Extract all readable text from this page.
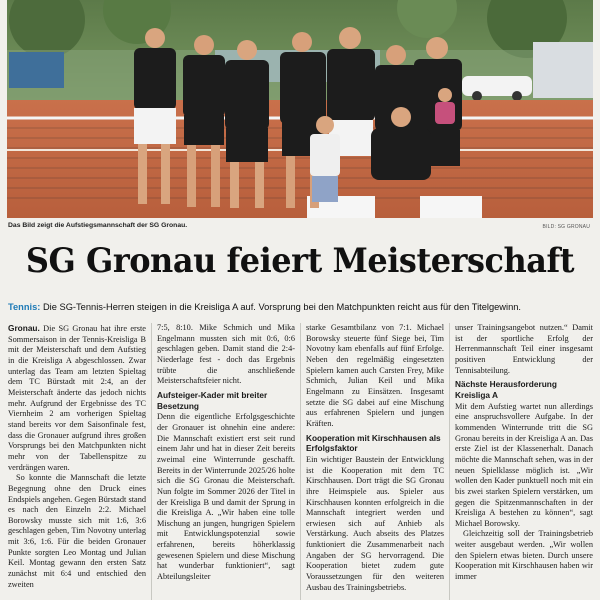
Das Bild zeigt die Aufstiegsmannschaft der SG Gronau.	BILD: SG GRONAU
SG Gronau feiert Meisterschaft
Tennis: Die SG-Tennis-Herren steigen in die Kreisliga A auf. Vorsprung bei den Matchpunkten reicht aus für den Titelgewinn.

Gronau. Die SG Gronau hat ihre erste Sommersaison in der Tennis-Kreisliga B mit der Meisterschaft und dem Aufstieg in die Kreisliga A abgeschlossen. Zwar unterlag das Team am letzten Spieltag dem TC Bürstadt mit 2:4, an der Meisterschaft änderte das jedoch nichts mehr. Aufgrund der Ergebnisse des TC Viernheim 2 am vorherigen Spieltag stand bereits vor dem Saisonfinale fest, dass die Gronauer aufgrund ihres großen Vorsprungs bei den Matchpunkten nicht mehr von der Tabellenspitze zu verdrängen waren.

So konnte die Mannschaft die letzte Begegnung ohne den Druck eines Endspiels angehen. Gegen Bürstadt stand es nach den Einzeln 2:2. Michael Borowsky musste sich mit 1:6, 3:6 geschlagen geben, Tim Novotny unterlag mit 3:6, 1:6. Für die beiden Gronauer Punkte sorgten Leo Montag und Julian Keil. Montag gewann den ersten Satz zunächst mit 6:4 und entschied den zweiten

7:5, 8:10. Mike Schmich und Mika Engelmann mussten sich mit 0:6, 0:6 geschlagen geben. Damit stand die 2:4-Niederlage fest - doch das Ergebnis trübte die anschließende Meisterschaftsfeier nicht.

Aufsteiger-Kader mit breiter Besetzung

Denn die eigentliche Erfolgsgeschichte der Gronauer ist ohnehin eine andere: Die Mannschaft existiert erst seit rund einem Jahr und hat in dieser Zeit bereits zweimal eine Winterrunde geschafft. Bereits in der Winterrunde 2025/26 holte sich die SG Gronau die Meisterschaft. Nun folgte im Sommer 2026 der Titel in der Kreisliga B und damit der Sprung in die Kreisliga A. „Wir haben eine tolle Mischung an jungen, hungrigen Spielern mit Entwicklungspotenzial sowie erfahrenen, bereits höherklassig gewesenen Spielern und diese Mischung hat wunderbar funktioniert“, sagt Abteilungsleiter

starke Gesamtbilanz von 7:1. Michael Borowsky steuerte fünf Siege bei, Tim Novotny kam ebenfalls auf fünf Erfolge. Neben den regelmäßig eingesetzten Spielern kamen auch Carsten Frey, Mike Schmich, Julian Keil und Mika Engelmann zu Einsätzen. Insgesamt setzte die SG dabei auf eine Mischung aus erfahrenen Spielern und jungen Kräften.

Kooperation mit Kirschhausen als Erfolgsfaktor

Ein wichtiger Baustein der Entwicklung ist die Kooperation mit dem TC Kirschhausen. Dort trägt die SG Gronau ihre Heimspiele aus. Spieler aus Kirschhausen konnten erfolgreich in die Mannschaft integriert werden und erwiesen sich auf Anhieb als Verstärkung. Auch abseits des Platzes funktioniert die Zusammenarbeit nach Angaben der SG hervorragend. Die Kooperation bietet zudem gute Voraussetzungen für den weiteren Ausbau des Trainingsbetriebs.

unser Trainingsangebot nutzen.“ Damit ist der sportliche Erfolg der Herrenmannschaft Teil einer insgesamt positiven Entwicklung der Tennisabteilung.

Nächste Herausforderung Kreisliga A

Mit dem Aufstieg wartet nun allerdings eine anspruchsvollere Aufgabe. In der kommenden Winterrunde tritt die SG Gronau bereits in der Kreisliga A an. Das erste Ziel ist der Klassenerhalt. Danach möchte die Mannschaft sehen, was in der neuen Spielklasse möglich ist. „Wir wollen den Kader punktuell noch mit ein bis zwei starken Spielern verstärken, um gegen die Spitzenmannschaften in der Kreisliga A bestehen zu können“, sagt Michael Borowsky.

Gleichzeitig soll der Trainingsbetrieb weiter ausgebaut werden. „Wir wollen den Spielern etwas bieten. Durch unsere Kooperation mit Kirschhausen haben wir immer
